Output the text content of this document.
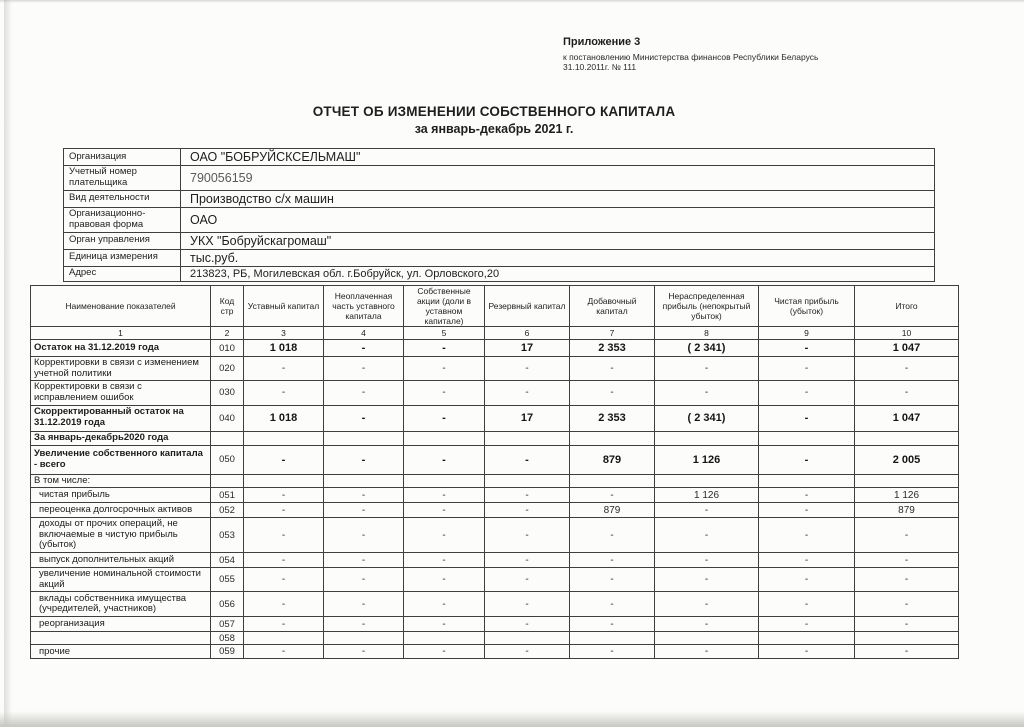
Приложение 3
к постановлению Министерства финансов Республики Беларусь
31.10.2011г. № 111
ОТЧЕТ ОБ ИЗМЕНЕНИИ СОБСТВЕННОГО КАПИТАЛА
за январь-декабрь 2021 г.
Организация	ОАО "БОБРУЙСКСЕЛЬМАШ"
Учетный номер плательщика	790056159
Вид деятельности	Производство с/х машин
Организационно-правовая форма	ОАО
Орган управления	УКХ "Бобруйскагромаш"
Единица измерения	тыс.руб.
Адрес	213823, РБ, Могилевская обл. г.Бобруйск, ул. Орловского,20
Наименование показателей	Код стр	Уставный капитал	Неоплаченная часть уставного капитала	Собственные акции (доли в уставном капитале)	Резервный капитал	Добавочный капитал	Нераспределенная прибыль (непокрытый убыток)	Чистая прибыль (убыток)	Итого
1	2	3	4	5	6	7	8	9	10
Остаток на 31.12.2019 года	010	1 018	-	-	17	2 353	( 2 341)	-	1 047
Корректировки в связи с изменением учетной политики	020	-	-	-	-	-	-	-	-
Корректировки в связи с исправлением ошибок	030	-	-	-	-	-	-	-	-
Скорректированный остаток на 31.12.2019 года	040	1 018	-	-	17	2 353	( 2 341)	-	1 047
За январь-декабрь2020 года									
Увеличение собственного капитала - всего	050	-	-	-	-	879	1 126	-	2 005
В том числе:									
чистая прибыль	051	-	-	-	-	-	1 126	-	1 126
переоценка долгосрочных активов	052	-	-	-	-	879	-	-	879
доходы от прочих операций, не включаемые в чистую прибыль (убыток)	053	-	-	-	-	-	-	-	-
выпуск дополнительных акций	054	-	-	-	-	-	-	-	-
увеличение номинальной стоимости акций	055	-	-	-	-	-	-	-	-
вклады собственника имущества (учредителей, участников)	056	-	-	-	-	-	-	-	-
реорганизация	057	-	-	-	-	-	-	-	-
	058								
прочие	059	-	-	-	-	-	-	-	-
